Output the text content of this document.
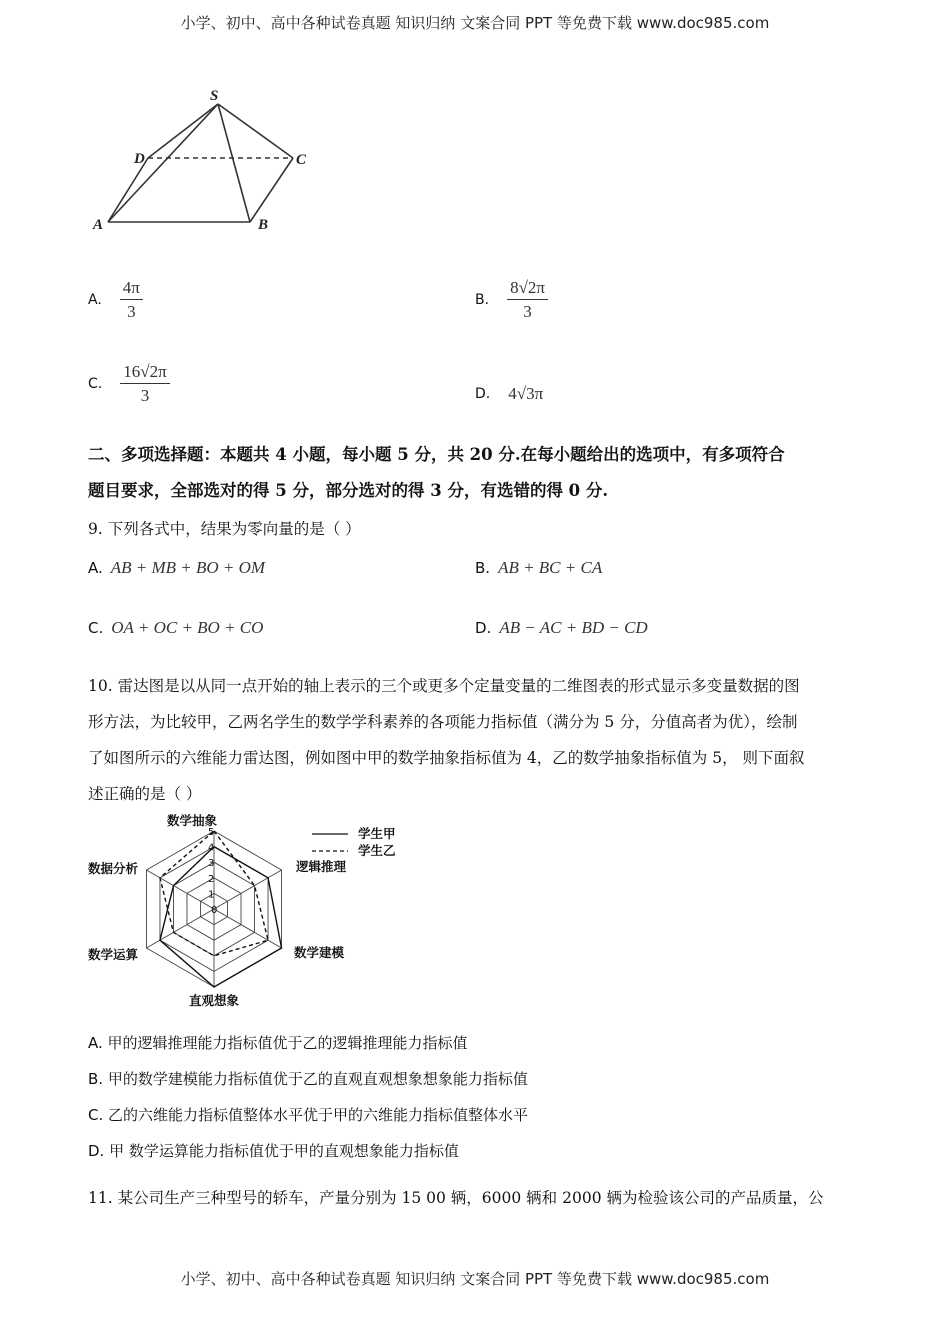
小学、初中、高中各种试卷真题 知识归纳 文案合同 PPT 等免费下载 www.doc985.com
S
D	C
A	B
A. $\frac{4\pi}{3}$	B. $\frac{8√2\pi}{3}$
C. $\frac{16√2\pi}{3}$	D. 4√3π
二、多项选择题：本题共 4 小题，每小题 5 分，共 20 分.在每小题给出的选项中，有多项符合
题目要求，全部选对的得 5 分，部分选对的得 3 分，有选错的得 0 分.
9. 下列各式中，结果为零向量的是（ ）
A. AB + MB + BO + OM	B. AB + BC + CA
C. OA + OC + BO + CO	D. AB − AC + BD − CD
10. 雷达图是以从同一点开始的轴上表示的三个或更多个定量变量的二维图表的形式显示多变量数据的图
形方法，为比较甲，乙两名学生的数学学科素养的各项能力指标值（满分为 5 分，分值高者为优），绘制
了如图所示的六维能力雷达图，例如图中甲的数学抽象指标值为 4，乙的数学抽象指标值为 5， 则下面叙
述正确的是（ ）
0
1
2
3
4
5
数学抽象
逻辑推理
数学建模
直观想象
数学运算
数据分析
学生甲
学生乙
A. 甲的逻辑推理能力指标值优于乙的逻辑推理能力指标值
B. 甲的数学建模能力指标值优于乙的直观直观想象想象能力指标值
C. 乙的六维能力指标值整体水平优于甲的六维能力指标值整体水平
D. 甲 数学运算能力指标值优于甲的直观想象能力指标值
11. 某公司生产三种型号的轿车，产量分别为 15 00 辆，6000 辆和 2000 辆为检验该公司的产品质量，公
小学、初中、高中各种试卷真题 知识归纳 文案合同 PPT 等免费下载 www.doc985.com
